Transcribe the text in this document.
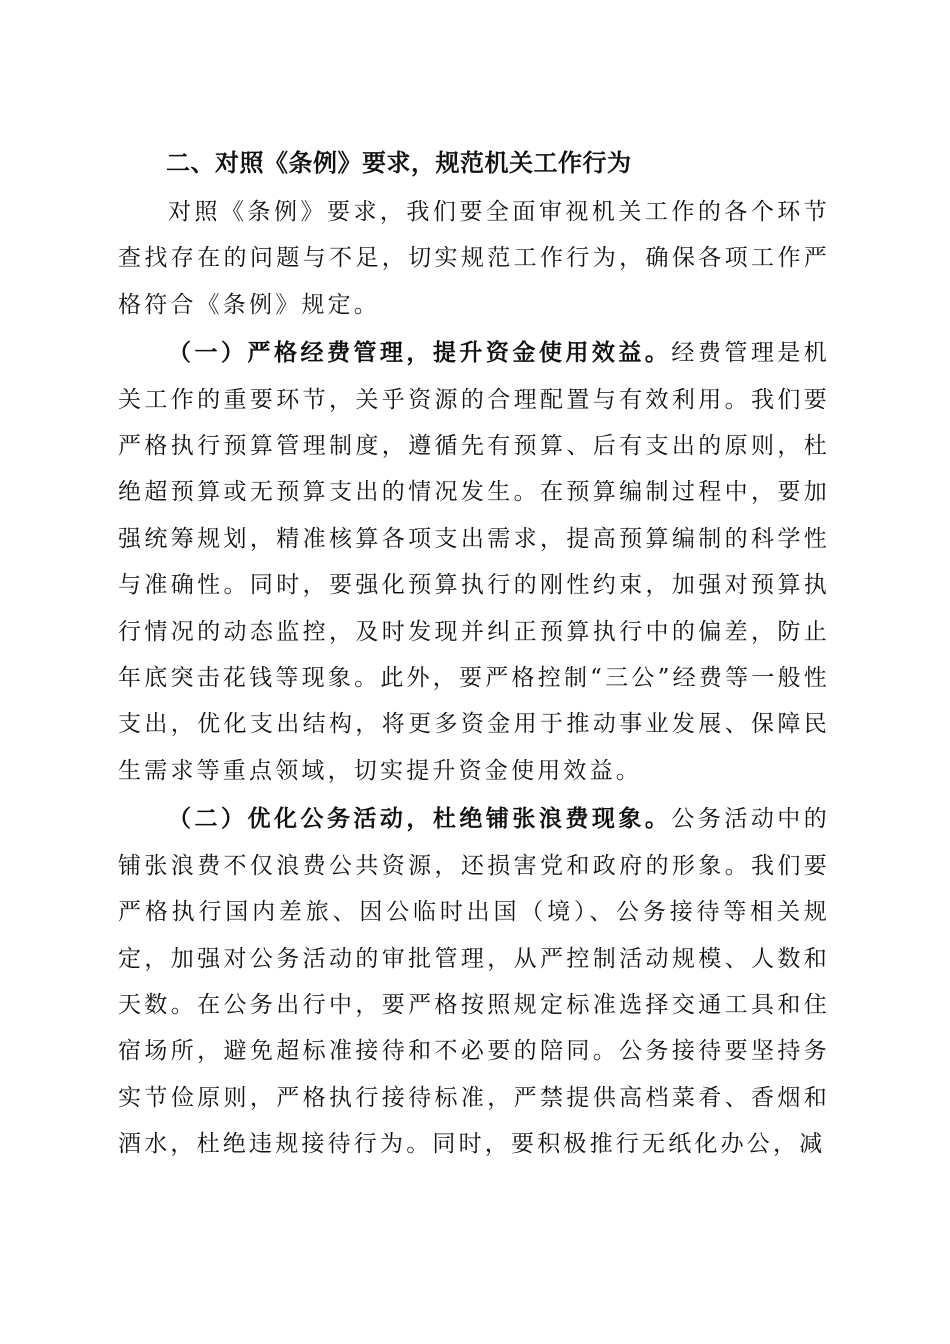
二、对照《条例》要求，规范机关工作行为

对照《条例》要求，我们要全面审视机关工作的各个环节查找存在的问题与不足，切实规范工作行为，确保各项工作严格符合《条例》规定。

（一）严格经费管理，提升资金使用效益。经费管理是机关工作的重要环节，关乎资源的合理配置与有效利用。我们要严格执行预算管理制度，遵循先有预算、后有支出的原则，杜绝超预算或无预算支出的情况发生。在预算编制过程中，要加强统筹规划，精准核算各项支出需求，提高预算编制的科学性与准确性。同时，要强化预算执行的刚性约束，加强对预算执行情况的动态监控，及时发现并纠正预算执行中的偏差，防止年底突击花钱等现象。此外，要严格控制“三公”经费等一般性支出，优化支出结构，将更多资金用于推动事业发展、保障民生需求等重点领域，切实提升资金使用效益。

（二）优化公务活动，杜绝铺张浪费现象。公务活动中的铺张浪费不仅浪费公共资源，还损害党和政府的形象。我们要严格执行国内差旅、因公临时出国（境）、公务接待等相关规定，加强对公务活动的审批管理，从严控制活动规模、人数和天数。在公务出行中，要严格按照规定标准选择交通工具和住宿场所，避免超标准接待和不必要的陪同。公务接待要坚持务实节俭原则，严格执行接待标准，严禁提供高档菜肴、香烟和酒水，杜绝违规接待行为。同时，要积极推行无纸化办公，减
